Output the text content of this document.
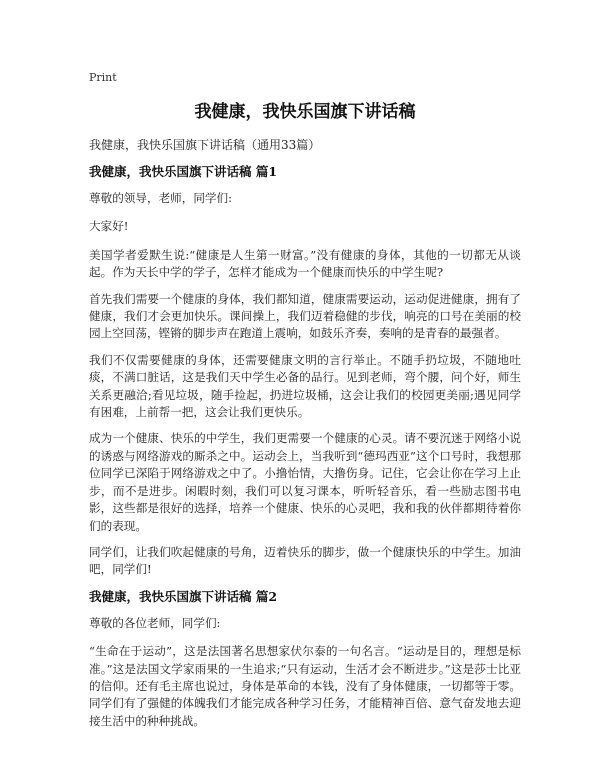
Print
我健康，我快乐国旗下讲话稿

我健康，我快乐国旗下讲话稿（通用33篇）

我健康，我快乐国旗下讲话稿 篇1

尊敬的领导，老师，同学们:

大家好!

美国学者爱默生说:“健康是人生第一财富。”没有健康的身体，其他的一切都无从谈起。作为天长中学的学子，怎样才能成为一个健康而快乐的中学生呢?

首先我们需要一个健康的身体，我们都知道，健康需要运动，运动促进健康，拥有了健康，我们才会更加快乐。课间操上，我们迈着稳健的步伐，响亮的口号在美丽的校园上空回荡，铿锵的脚步声在跑道上震响，如鼓乐齐奏，奏响的是青春的最强者。

我们不仅需要健康的身体，还需要健康文明的言行举止。不随手扔垃圾，不随地吐痰，不满口脏话，这是我们天中学生必备的品行。见到老师，弯个腰，问个好，师生关系更融洽;看见垃圾，随手捡起，扔进垃圾桶，这会让我们的校园更美丽;遇见同学有困难，上前帮一把，这会让我们更快乐。

成为一个健康、快乐的中学生，我们更需要一个健康的心灵。请不要沉迷于网络小说的诱惑与网络游戏的厮杀之中。运动会上，当我听到“德玛西亚”这个口号时，我想那位同学已深陷于网络游戏之中了。小撸怡情，大撸伤身。记住，它会让你在学习上止步，而不是进步。闲暇时刻，我们可以复习课本，听听轻音乐，看一些励志图书电影，这些都是很好的选择，培养一个健康、快乐的心灵吧，我和我的伙伴都期待着你们的表现。

同学们，让我们吹起健康的号角，迈着快乐的脚步，做一个健康快乐的中学生。加油吧，同学们!

我健康，我快乐国旗下讲话稿 篇2

尊敬的各位老师，同学们:

“生命在于运动”，这是法国著名思想家伏尔泰的一句名言。“运动是目的，理想是标准。”这是法国文学家雨果的一生追求;“只有运动，生活才会不断进步。”这是莎士比亚的信仰。还有毛主席也说过，身体是革命的本钱，没有了身体健康，一切都等于零。同学们有了强健的体魄我们才能完成各种学习任务，才能精神百倍、意气奋发地去迎接生活中的种种挑战。
